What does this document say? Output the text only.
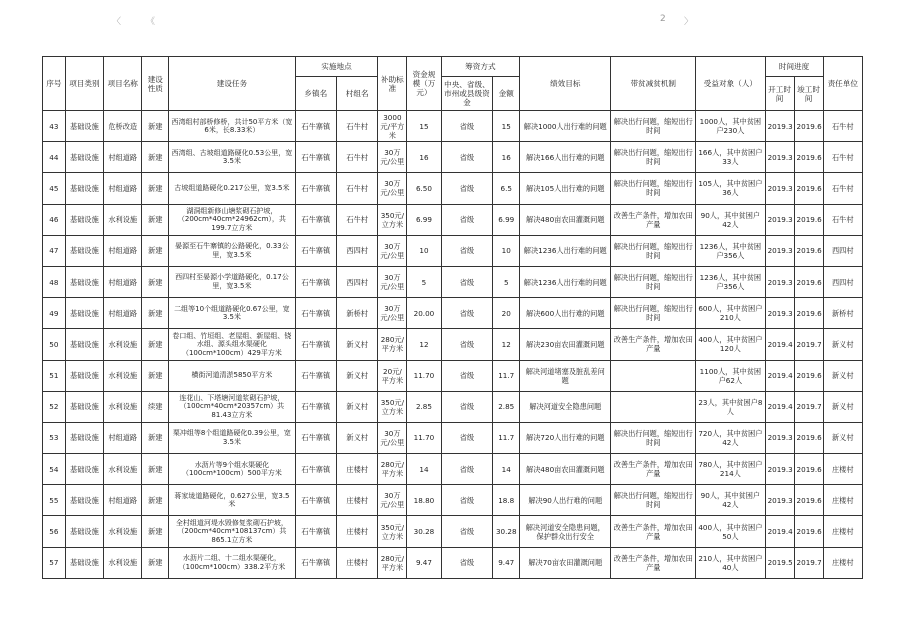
〈	《	2 〉
序号	项目类别	项目名称	建设性质	建设任务	实施地点		补助标准	资金规模（万元）	筹资方式		绩效目标	带贫减贫机制	受益对象（人）	时间进度		责任单位
					乡镇名	村组名			中央、省级、市州或县级资金	金额				开工时间	竣工时间	
43	基础设施	危桥改造	新建	西湾组村部桥修桥，共计50平方米（宽6米，长8.33米）	石牛寨镇	石牛村	3000元/平方米	15	省级	15	解决1000人出行难的问题	解决出行问题，缩短出行时间	1000人，其中贫困户230人	2019.3	2019.6	石牛村
44	基础设施	村组道路	新建	西湾组、古坡组道路硬化0.53公里，宽3.5米	石牛寨镇	石牛村	30万元/公里	16	省级	16	解决166人出行难的问题	解决出行问题，缩短出行时间	166人，其中贫困户33人	2019.3	2019.6	石牛村
45	基础设施	村组道路	新建	古坡组道路硬化0.217公里，宽3.5米	石牛寨镇	石牛村	30万元/公里	6.50	省级	6.5	解决105人出行难的问题	解决出行问题，缩短出行时间	105人，其中贫困户36人	2019.3	2019.6	石牛村
46	基础设施	水利设施	新建	湖洞组新修山塘浆砌石护坡，（200cm*40cm*24962cm），共199.7立方米	石牛寨镇	石牛村	350元/立方米	6.99	省级	6.99	解决480亩农田灌溉问题	改善生产条件，增加农田产量	90人，其中贫困户42人	2019.3	2019.6	石牛村
47	基础设施	村组道路	新建	晏源至石牛寨镇的公路硬化，0.33公里，宽3.5米	石牛寨镇	西四村	30万元/公里	10	省级	10	解决1236人出行难的问题	解决出行问题，缩短出行时间	1236人，其中贫困户356人	2019.3	2019.6	西四村
48	基础设施	村组道路	新建	西四村至晏源小学道路硬化，0.17公里，宽3.5米	石牛寨镇	西四村	30万元/公里	5	省级	5	解决1236人出行难的问题	解决出行问题，缩短出行时间	1236人，其中贫困户356人	2019.3	2019.6	西四村
49	基础设施	村组道路	新建	二组等10个组道路硬化0.67公里，宽3.5米	石牛寨镇	新桥村	30万元/公里	20.00	省级	20	解决600人出行难的问题	解决出行问题，缩短出行时间	600人，其中贫困户210人	2019.3	2019.6	新桥村
50	基础设施	水利设施	新建	卷口组、竹垣组、老屋组、新屋组、铙水组、源头组水渠硬化（100cm*100cm）429平方米	石牛寨镇	新义村	280元/平方米	12	省级	12	解决230亩农田灌溉问题	改善生产条件，增加农田产量	400人，其中贫困户120人	2019.4	2019.7	新义村
51	基础设施	水利设施	新建	横街河道清淤5850平方米	石牛寨镇	新义村	20元/平方米	11.70	省级	11.7	解决河道堵塞及脏乱差问题		1100人，其中贫困户62人	2019.4	2019.6	新义村
52	基础设施	水利设施	续建	连花山、下塔塘河道浆砌石护坡，（100cm*40cm*20357cm）共81.43立方米	石牛寨镇	新义村	350元/立方米	2.85	省级	2.85	解决河道安全隐患问题		23人，其中贫困户8人	2019.4	2019.7	新义村
53	基础设施	村组道路	新建	栗冲组等8个组道路硬化0.39公里，宽3.5米	石牛寨镇	新义村	30万元/公里	11.70	省级	11.7	解决720人出行难的问题	解决出行问题，缩短出行时间	720人，其中贫困户42人	2019.3	2019.6	新义村
54	基础设施	水利设施	新建	水沥片等9个组水渠硬化（100cm*100cm）500平方米	石牛寨镇	庄楼村	280元/平方米	14	省级	14	解决480亩农田灌溉问题	改善生产条件，增加农田产量	780人，其中贫困户214人	2019.3	2019.6	庄楼村
55	基础设施	村组道路	新建	蒋家垅道路硬化，0.627公里，宽3.5米	石牛寨镇	庄楼村	30万元/公里	18.80	省级	18.8	解决90人出行难的问题	解决出行问题，缩短出行时间	90人，其中贫困户42人	2019.3	2019.6	庄楼村
56	基础设施	水利设施	新建	全村组道河堤水毁修复浆砌石护坡，（200cm*40cm*108137cm）共865.1立方米	石牛寨镇	庄楼村	350元/立方米	30.28	省级	30.28	解决河道安全隐患问题，保护群众出行安全	改善生产条件，增加农田产量	400人，其中贫困户50人	2019.4	2019.6	庄楼村
57	基础设施	水利设施	新建	水沥片二组、十二组水渠硬化，（100cm*100cm）338.2平方米	石牛寨镇	庄楼村	280元/平方米	9.47	省级	9.47	解决70亩农田灌溉问题	改善生产条件，增加农田产量	210人，其中贫困户40人	2019.5	2019.7	庄楼村
